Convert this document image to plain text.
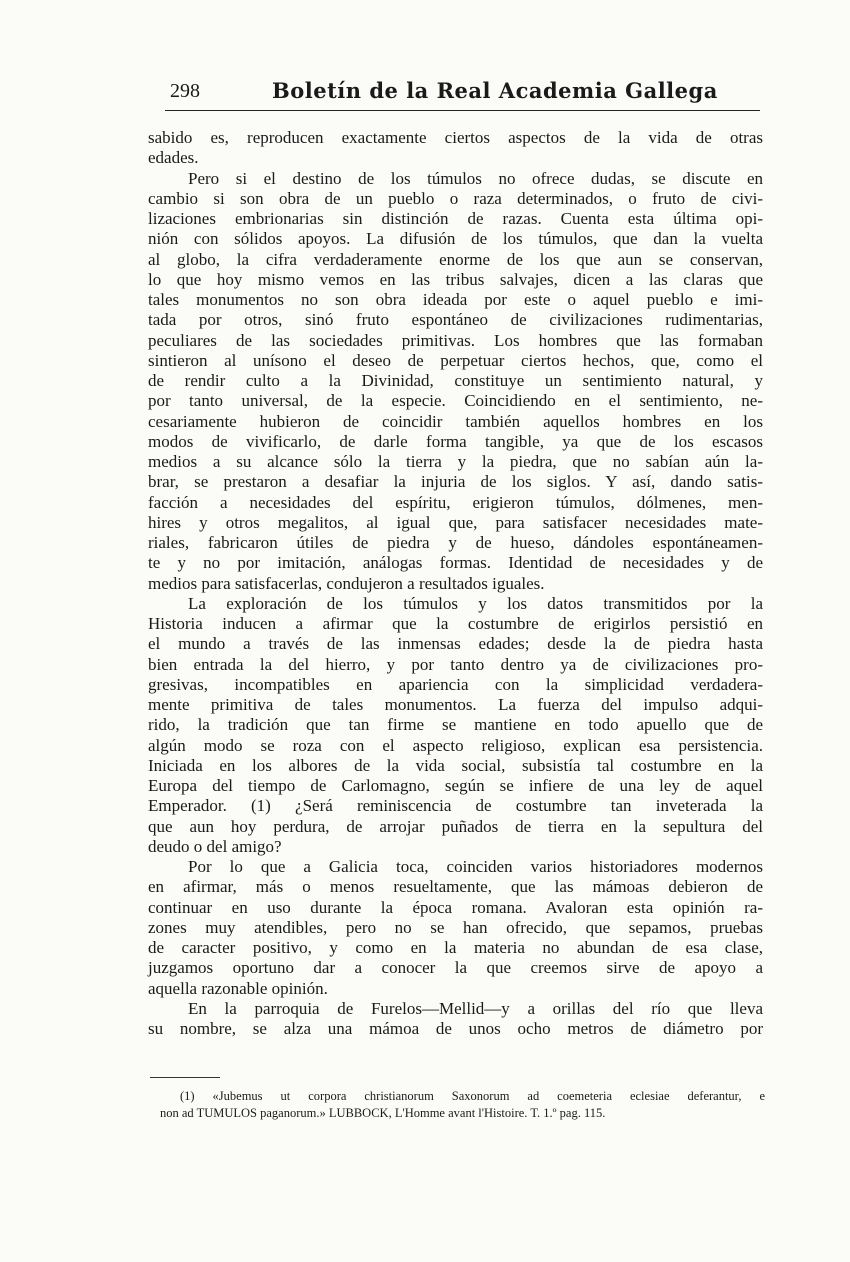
298	Boletín de la Real Academia Gallega
sabido es, reproducen exactamente ciertos aspectos de la vida de otras
edades.
Pero si el destino de los túmulos no ofrece dudas, se discute en
cambio si son obra de un pueblo o raza determinados, o fruto de civi-
lizaciones embrionarias sin distinción de razas. Cuenta esta última opi-
nión con sólidos apoyos. La difusión de los túmulos, que dan la vuelta
al globo, la cifra verdaderamente enorme de los que aun se conservan,
lo que hoy mismo vemos en las tribus salvajes, dicen a las claras que
tales monumentos no son obra ideada por este o aquel pueblo e imi-
tada por otros, sinó fruto espontáneo de civilizaciones rudimentarias,
peculiares de las sociedades primitivas. Los hombres que las formaban
sintieron al unísono el deseo de perpetuar ciertos hechos, que, como el
de rendir culto a la Divinidad, constituye un sentimiento natural, y
por tanto universal, de la especie. Coincidiendo en el sentimiento, ne-
cesariamente hubieron de coincidir también aquellos hombres en los
modos de vivificarlo, de darle forma tangible, ya que de los escasos
medios a su alcance sólo la tierra y la piedra, que no sabían aún la-
brar, se prestaron a desafiar la injuria de los siglos. Y así, dando satis-
facción a necesidades del espíritu, erigieron túmulos, dólmenes, men-
hires y otros megalitos, al igual que, para satisfacer necesidades mate-
riales, fabricaron útiles de piedra y de hueso, dándoles espontáneamen-
te y no por imitación, análogas formas. Identidad de necesidades y de
medios para satisfacerlas, condujeron a resultados iguales.
La exploración de los túmulos y los datos transmitidos por la
Historia inducen a afirmar que la costumbre de erigirlos persistió en
el mundo a través de las inmensas edades; desde la de piedra hasta
bien entrada la del hierro, y por tanto dentro ya de civilizaciones pro-
gresivas, incompatibles en apariencia con la simplicidad verdadera-
mente primitiva de tales monumentos. La fuerza del impulso adqui-
rido, la tradición que tan firme se mantiene en todo apuello que de
algún modo se roza con el aspecto religioso, explican esa persistencia.
Iniciada en los albores de la vida social, subsistía tal costumbre en la
Europa del tiempo de Carlomagno, según se infiere de una ley de aquel
Emperador. (1) ¿Será reminiscencia de costumbre tan inveterada la
que aun hoy perdura, de arrojar puñados de tierra en la sepultura del
deudo o del amigo?
Por lo que a Galicia toca, coinciden varios historiadores modernos
en afirmar, más o menos resueltamente, que las mámoas debieron de
continuar en uso durante la época romana. Avaloran esta opinión ra-
zones muy atendibles, pero no se han ofrecido, que sepamos, pruebas
de caracter positivo, y como en la materia no abundan de esa clase,
juzgamos oportuno dar a conocer la que creemos sirve de apoyo a
aquella razonable opinión.
En la parroquia de Furelos—Mellid—y a orillas del río que lleva
su nombre, se alza una mámoa de unos ocho metros de diámetro por
(1) «Jubemus ut corpora christianorum Saxonorum ad coemeteria eclesiae deferantur, e
non ad TUMULOS paganorum.» LUBBOCK, L'Homme avant l'Histoire. T. 1.º pag. 115.
